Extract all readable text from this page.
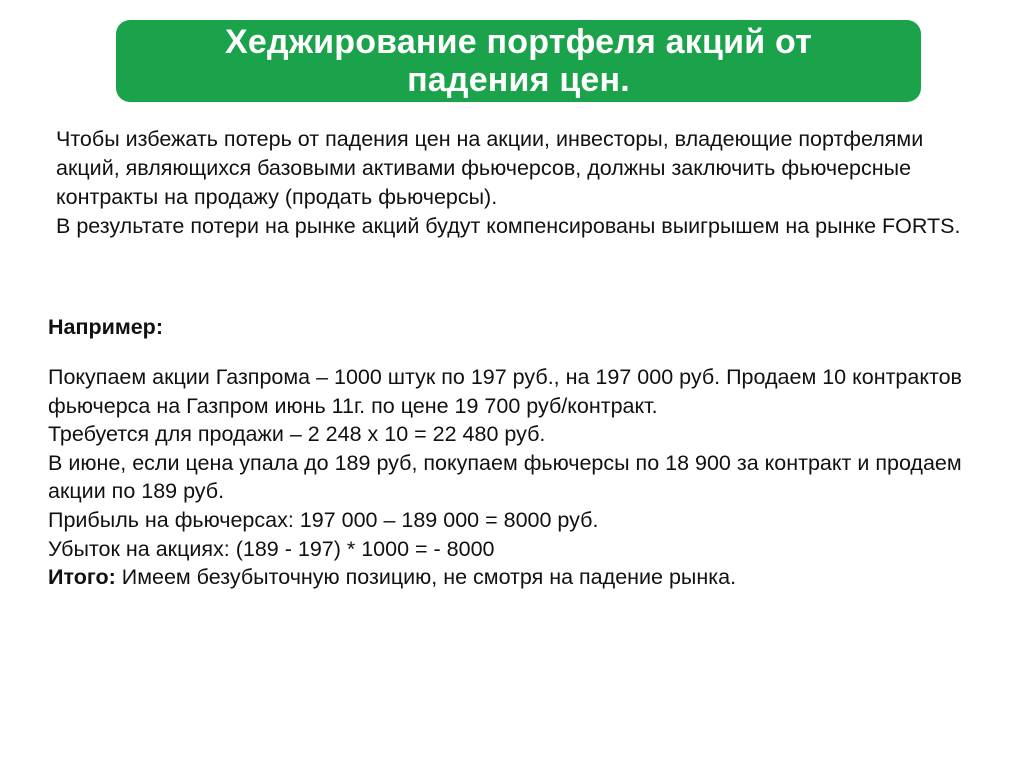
Хеджирование портфеля акций от падения цен.

Чтобы избежать потерь от падения цен на акции, инвесторы, владеющие портфелями акций, являющихся базовыми активами фьючерсов, должны заключить фьючерсные контракты на продажу (продать фьючерсы).

В результате потери на рынке акций будут компенсированы выигрышем на рынке FORTS.

Например:

Покупаем акции Газпрома – 1000 штук по 197 руб., на 197 000 руб. Продаем 10 контрактов фьючерса на Газпром июнь 11г. по цене 19 700 руб/контракт.

Требуется для продажи – 2 248 х 10 = 22 480 руб.

В июне, если цена упала до 189 руб, покупаем фьючерсы по 18 900 за контракт и продаем акции по 189 руб.

Прибыль на фьючерсах: 197 000 – 189 000 = 8000 руб.

Убыток на акциях: (189 - 197) * 1000 = - 8000

Итого: Имеем безубыточную позицию, не смотря на падение рынка.
